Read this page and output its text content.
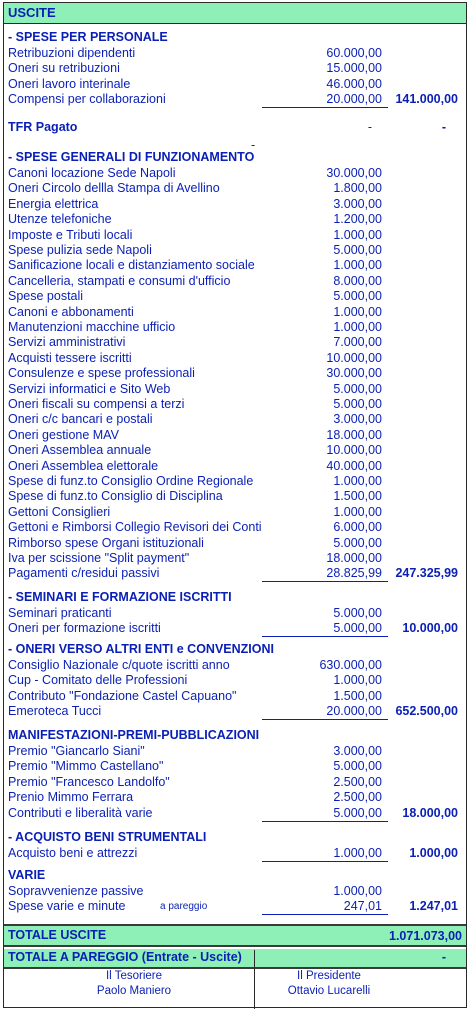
USCITE
- SPESE PER PERSONALE
Retribuzioni dipendenti	60.000,00
Oneri su retribuzioni	15.000,00
Oneri lavoro interinale	46.000,00
Compensi per collaborazioni	20.000,00	141.000,00
TFR Pagato	-	-
- SPESE GENERALI DI FUNZIONAMENTO
Canoni locazione Sede Napoli	30.000,00
Oneri Circolo dellla Stampa di Avellino	1.800,00
Energia elettrica	3.000,00
Utenze telefoniche	1.200,00
Imposte e Tributi locali	1.000,00
Spese pulizia sede Napoli	5.000,00
Sanificazione locali e distanziamento sociale	1.000,00
Cancelleria, stampati e consumi d'ufficio	8.000,00
Spese postali	5.000,00
Canoni e abbonamenti	1.000,00
Manutenzioni macchine ufficio	1.000,00
Servizi amministrativi	7.000,00
Acquisti tessere iscritti	10.000,00
Consulenze e spese professionali	30.000,00
Servizi informatici e Sito Web	5.000,00
Oneri fiscali su compensi a terzi	5.000,00
Oneri c/c bancari e postali	3.000,00
Oneri gestione MAV	18.000,00
Oneri Assemblea annuale	10.000,00
Oneri Assemblea elettorale	40.000,00
Spese di funz.to Consiglio Ordine Regionale	1.000,00
Spese di funz.to Consiglio di Disciplina	1.500,00
Gettoni Consiglieri	1.000,00
Gettoni e Rimborsi Collegio Revisori dei Conti	6.000,00
Rimborso spese Organi istituzionali	5.000,00
Iva per scissione "Split payment"	18.000,00
Pagamenti c/residui passivi	28.825,99	247.325,99
- SEMINARI E FORMAZIONE ISCRITTI
Seminari praticanti	5.000,00
Oneri per formazione iscritti	5.000,00	10.000,00
- ONERI VERSO ALTRI ENTI e CONVENZIONI
Consiglio Nazionale c/quote iscritti anno	630.000,00
Cup - Comitato delle Professioni	1.000,00
Contributo "Fondazione Castel Capuano"	1.500,00
Emeroteca Tucci	20.000,00	652.500,00
MANIFESTAZIONI-PREMI-PUBBLICAZIONI
Premio "Giancarlo Siani"	3.000,00
Premio "Mimmo Castellano"	5.000,00
Premio "Francesco Landolfo"	2.500,00
Prenio Mimmo Ferrara	2.500,00
Contributi e liberalità varie	5.000,00	18.000,00
- ACQUISTO BENI STRUMENTALI
Acquisto beni e attrezzi	1.000,00	1.000,00
VARIE
Sopravvenienze passive	1.000,00
Spese varie e minute	a pareggio	247,01	1.247,01
-
TOTALE USCITE	1.071.073,00
TOTALE A PAREGGIO (Entrate - Uscite)	-
Il Tesoriere
Paolo Maniero
Il Presidente
Ottavio Lucarelli
